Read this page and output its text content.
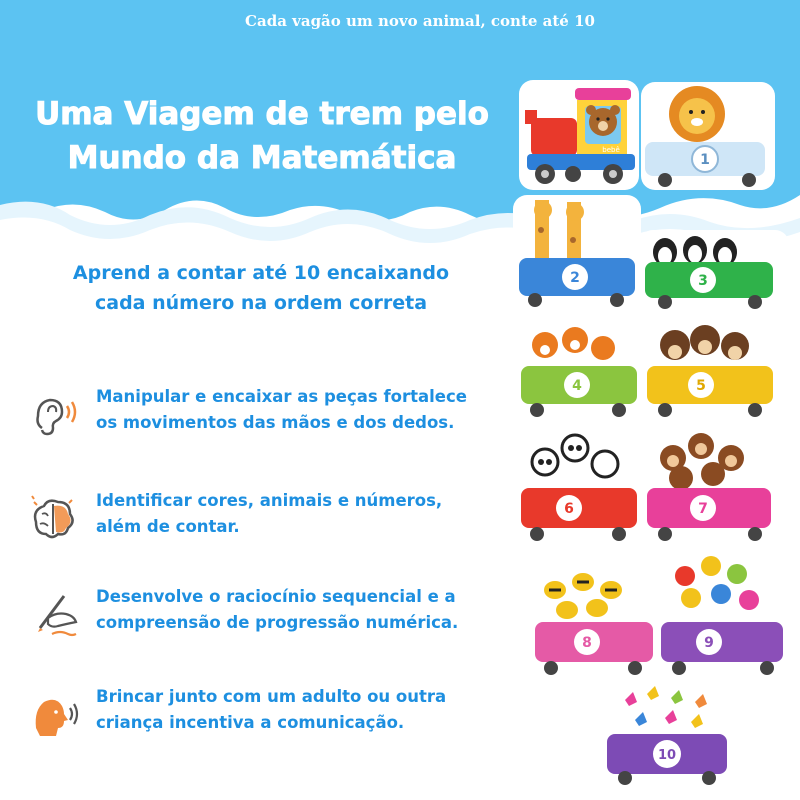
Cada vagão um novo animal, conte até 10
Uma Viagem de trem pelo
Mundo da Matemática
Aprend a contar até 10 encaixando
cada número na ordem correta
Manipular e encaixar as peças fortalece
os movimentos das mãos e dos dedos.
Identificar cores, animais e números,
além de contar.
Desenvolve o raciocínio sequencial e a
compreensão de progressão numérica.
Brincar junto com um adulto ou outra
criança incentiva a comunicação.
1
2	3
4	5
6	7
8	9
10
bebê
